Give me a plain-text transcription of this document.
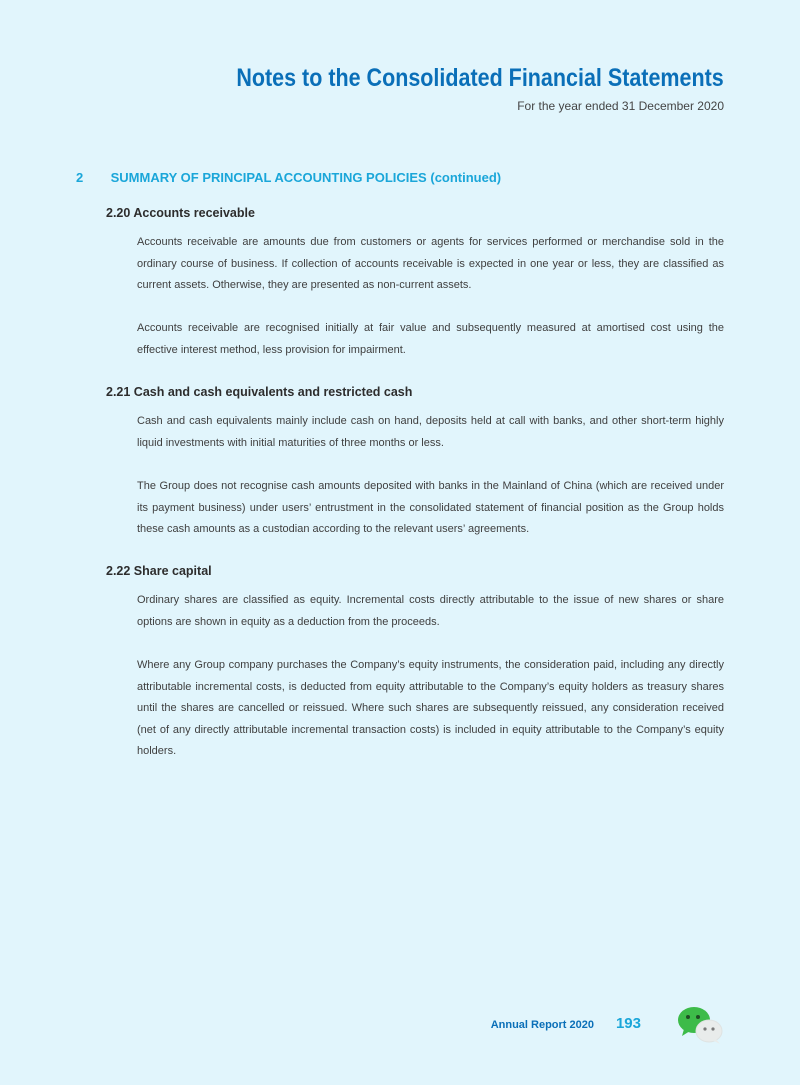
Notes to the Consolidated Financial Statements
For the year ended 31 December 2020
2 SUMMARY OF PRINCIPAL ACCOUNTING POLICIES (continued)
2.20 Accounts receivable
Accounts receivable are amounts due from customers or agents for services performed or merchandise sold in the ordinary course of business. If collection of accounts receivable is expected in one year or less, they are classified as current assets. Otherwise, they are presented as non-current assets.
Accounts receivable are recognised initially at fair value and subsequently measured at amortised cost using the effective interest method, less provision for impairment.
2.21 Cash and cash equivalents and restricted cash
Cash and cash equivalents mainly include cash on hand, deposits held at call with banks, and other short-term highly liquid investments with initial maturities of three months or less.
The Group does not recognise cash amounts deposited with banks in the Mainland of China (which are received under its payment business) under users’ entrustment in the consolidated statement of financial position as the Group holds these cash amounts as a custodian according to the relevant users’ agreements.
2.22 Share capital
Ordinary shares are classified as equity. Incremental costs directly attributable to the issue of new shares or share options are shown in equity as a deduction from the proceeds.
Where any Group company purchases the Company’s equity instruments, the consideration paid, including any directly attributable incremental costs, is deducted from equity attributable to the Company’s equity holders as treasury shares until the shares are cancelled or reissued. Where such shares are subsequently reissued, any consideration received (net of any directly attributable incremental transaction costs) is included in equity attributable to the Company’s equity holders.
Annual Report 2020 193
